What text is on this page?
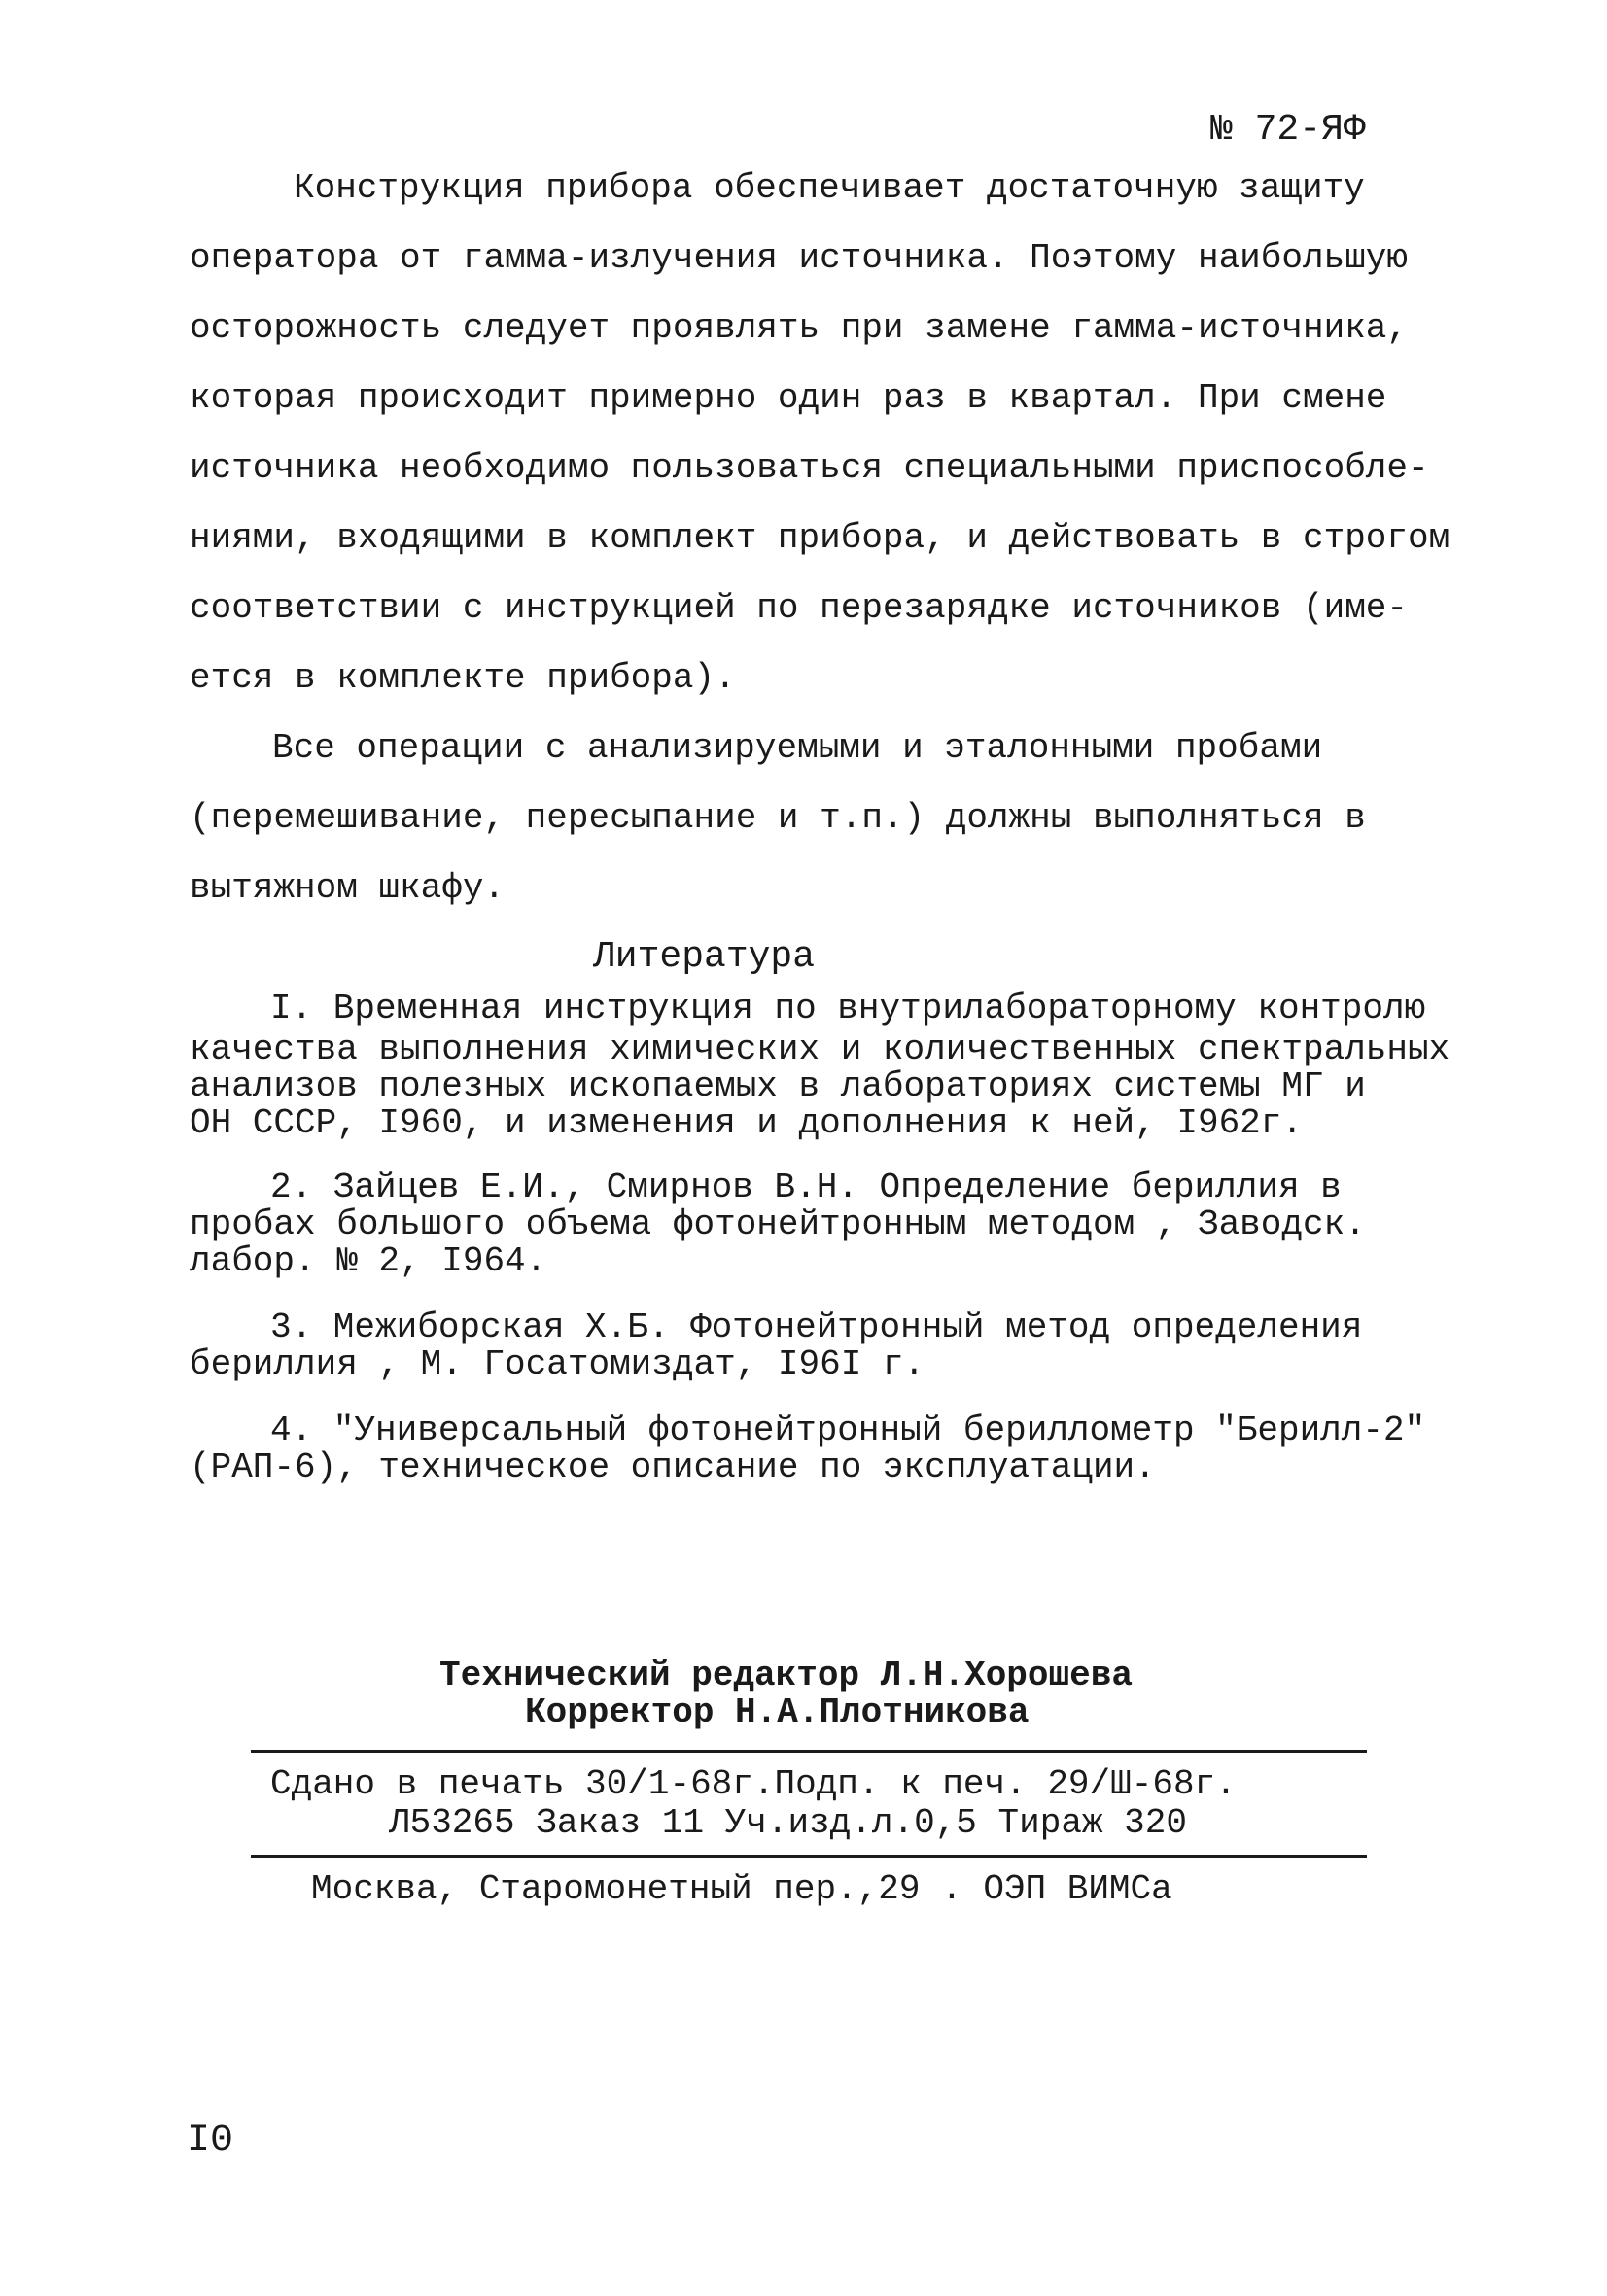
№ 72-ЯФ
Конструкция прибора обеспечивает достаточную защиту
оператора от гамма-излучения источника. Поэтому наибольшую
осторожность следует проявлять при замене гамма-источника,
которая происходит примерно один раз в квартал. При смене
источника необходимо пользоваться специальными приспособле-
ниями, входящими в комплект прибора, и действовать в строгом
соответствии с инструкцией по перезарядке источников (име-
ется в комплекте прибора).
Все операции с анализируемыми и эталонными пробами
(перемешивание, пересыпание и т.п.) должны выполняться в
вытяжном шкафу.
Литература
I. Временная инструкция по внутрилабораторному контролю
качества выполнения химических и количественных спектральных
анализов полезных ископаемых в лабораториях системы МГ и
ОН СССР, I960, и изменения и дополнения к ней, I962г.
2. Зайцев Е.И., Смирнов В.Н. Определение бериллия в
пробах большого объема фотонейтронным методом , Заводск.
лабор. № 2, I964.
3. Межиборская Х.Б. Фотонейтронный метод определения
бериллия , М. Госатомиздат, I96I г.
4. "Универсальный фотонейтронный бериллометр "Берилл-2"
(РАП-6), техническое описание по эксплуатации.
Технический редактор Л.Н.Хорошева
Корректор Н.А.Плотникова
Сдано в печать 30/1-68г.Подп. к печ. 29/Ш-68г.
Л53265 Заказ 11 Уч.изд.л.0,5 Тираж 320
Москва, Старомонетный пер.,29 . ОЭП ВИМСа
I0
